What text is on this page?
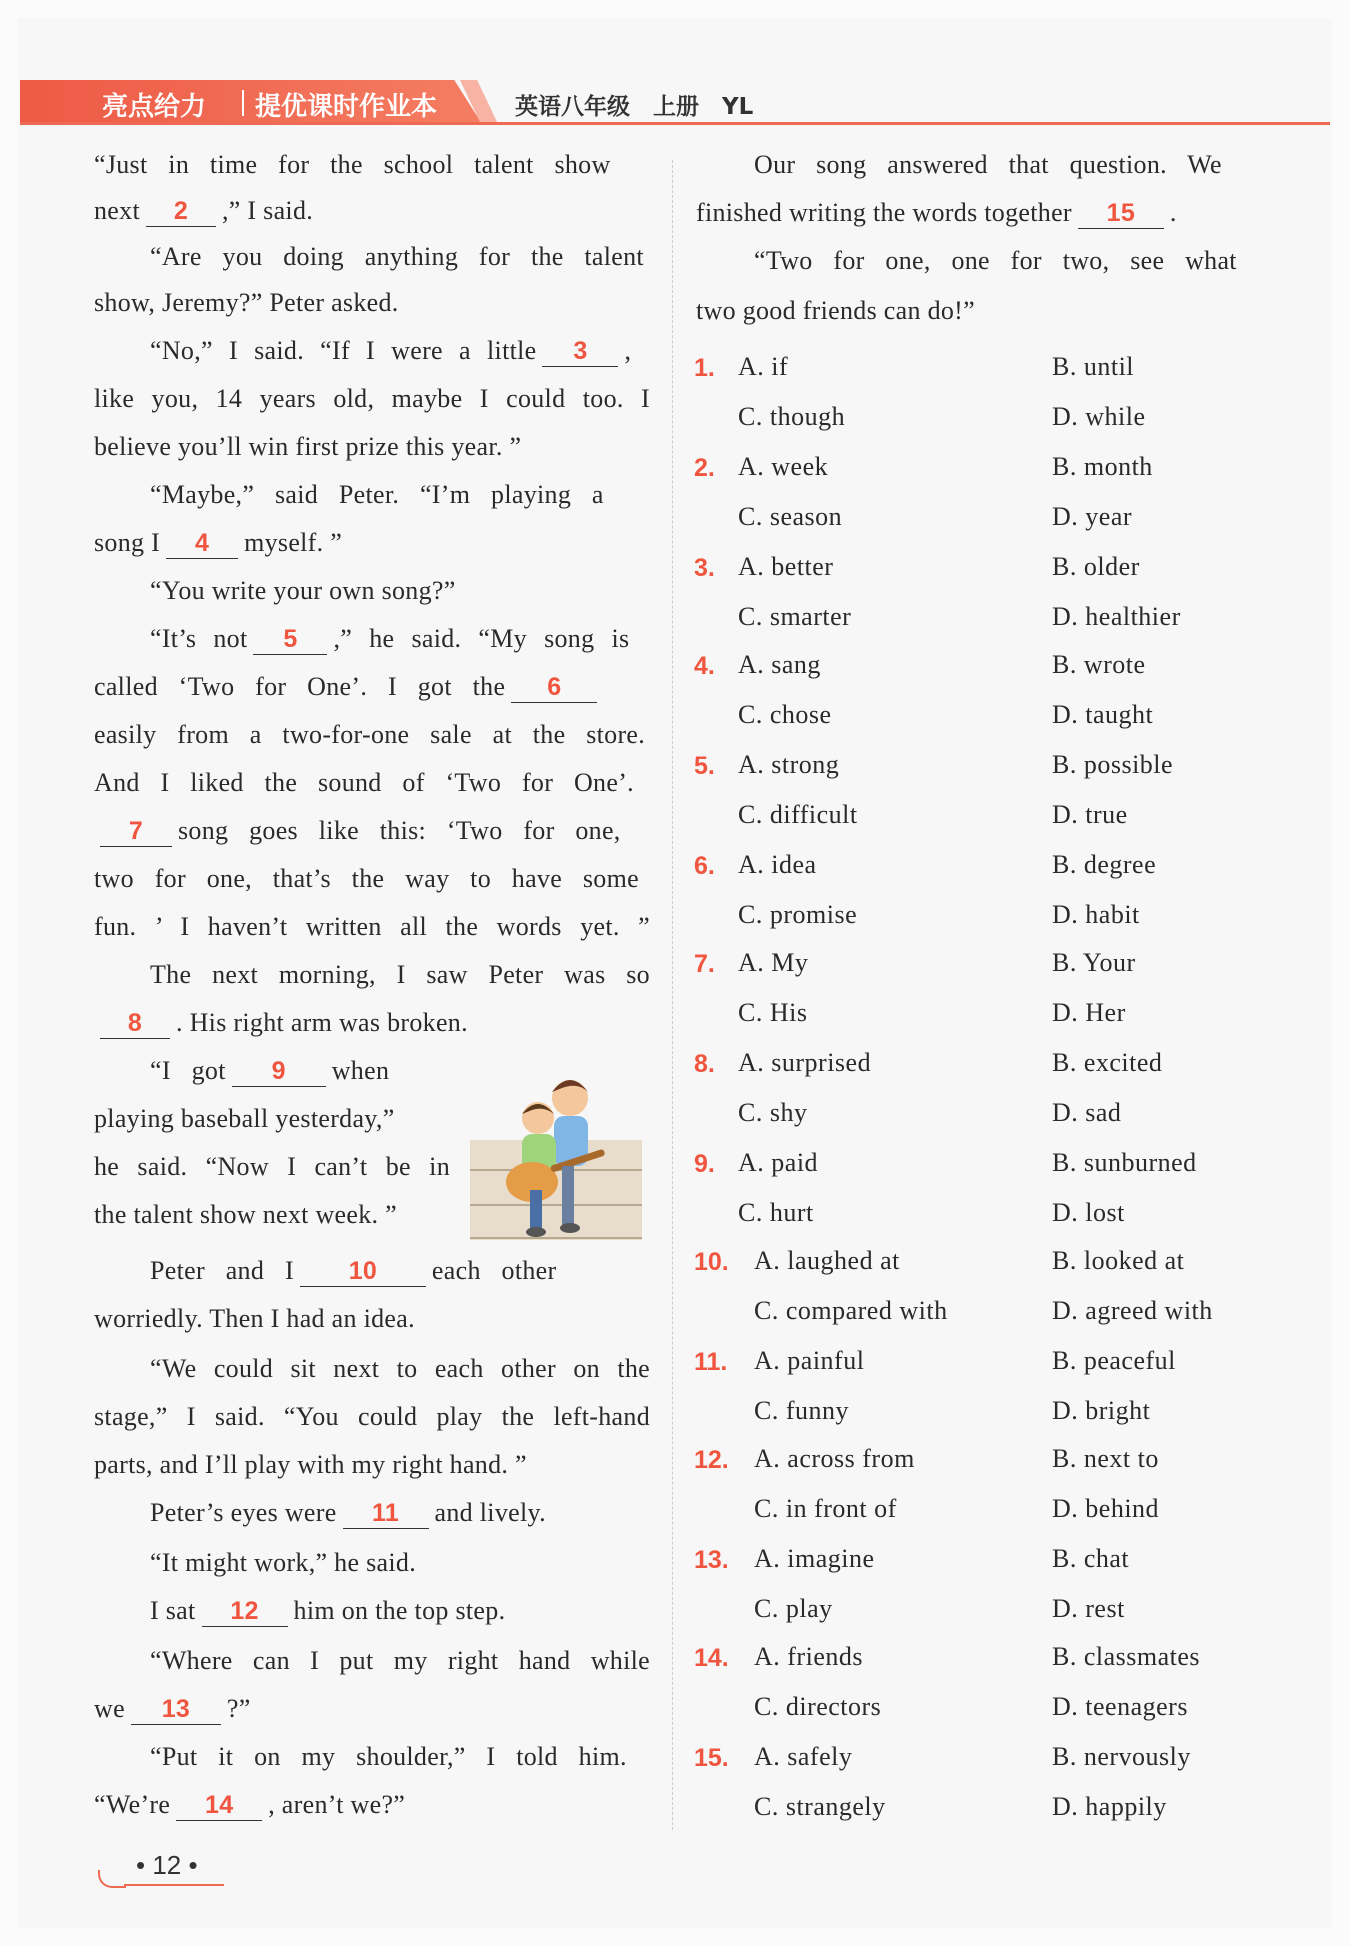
亮点给力 提优课时作业本	英语八年级　上册　YL
“Just in time for the school talent show
next 2 ,” I said.
“Are you doing anything for the talent
show, Jeremy?” Peter asked.
“No,” I said. “If I were a little 3 ,
like you, 14 years old, maybe I could too. I
believe you’ll win first prize this year. ”
“Maybe,” said Peter. “I’m playing a
song I 4 myself. ”
“You write your own song?”
“It’s not 5 ,” he said. “My song is
called ‘Two for One’. I got the 6
easily from a two-for-one sale at the store.
And I liked the sound of ‘Two for One’.
7 song goes like this: ‘Two for one,
two for one, that’s the way to have some
fun. ’ I haven’t written all the words yet. ”
The next morning, I saw Peter was so
8 . His right arm was broken.
“I got 9 when
playing baseball yesterday,”
he said. “Now I can’t be in
the talent show next week. ”
Peter and I 10 each other
worriedly. Then I had an idea.
“We could sit next to each other on the
stage,” I said. “You could play the left-hand
parts, and I’ll play with my right hand. ”
Peter’s eyes were 11 and lively.
“It might work,” he said.
I sat 12 him on the top step.
“Where can I put my right hand while
we 13 ?”
“Put it on my shoulder,” I told him.
“We’re 14 , aren’t we?”
Our song answered that question. We
finished writing the words together 15 .
“Two for one, one for two, see what
two good friends can do!”
1. A. if	B. until
C. though	D. while
2. A. week	B. month
C. season	D. year
3. A. better	B. older
C. smarter	D. healthier
4. A. sang	B. wrote
C. chose	D. taught
5. A. strong	B. possible
C. difficult	D. true
6. A. idea	B. degree
C. promise	D. habit
7. A. My	B. Your
C. His	D. Her
8. A. surprised	B. excited
C. shy	D. sad
9. A. paid	B. sunburned
C. hurt	D. lost
10. A. laughed at	B. looked at
C. compared with	D. agreed with
11. A. painful	B. peaceful
C. funny	D. bright
12. A. across from	B. next to
C. in front of	D. behind
13. A. imagine	B. chat
C. play	D. rest
14. A. friends	B. classmates
C. directors	D. teenagers
15. A. safely	B. nervously
C. strangely	D. happily
• 12 •
